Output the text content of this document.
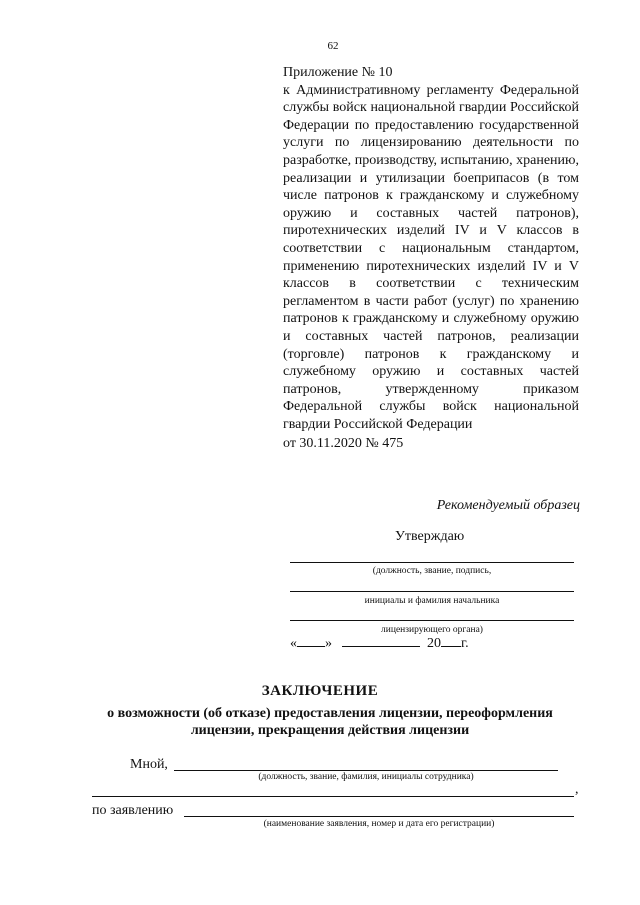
62
Приложение № 10
к Административному регламенту Федеральной службы войск национальной гвардии Российской Федерации по предоставлению государственной услуги по лицензированию деятельности по разработке, производству, испытанию, хранению, реализации и утилизации боеприпасов (в том числе патронов к гражданскому и служебному оружию и составных частей патронов), пиротехнических изделий IV и V классов в соответствии с национальным стандартом, применению пиротехнических изделий IV и V классов в соответствии с техническим регламентом в части работ (услуг) по хранению патронов к гражданскому и служебному оружию и составных частей патронов, реализации (торговле) патронов к гражданскому и служебному оружию и составных частей патронов, утвержденному приказом Федеральной службы войск национальной гвардии Российской Федерации
от 30.11.2020 № 475
Рекомендуемый образец
Утверждаю
(должность, звание, подпись,
инициалы и фамилия начальника
лицензирующего органа)
« »	20 г.
ЗАКЛЮЧЕНИЕ
о возможности (об отказе) предоставления лицензии, переоформления лицензии, прекращения действия лицензии
Мной,
(должность, звание, фамилия, инициалы сотрудника)
,
по заявлению
(наименование заявления, номер и дата его регистрации)
